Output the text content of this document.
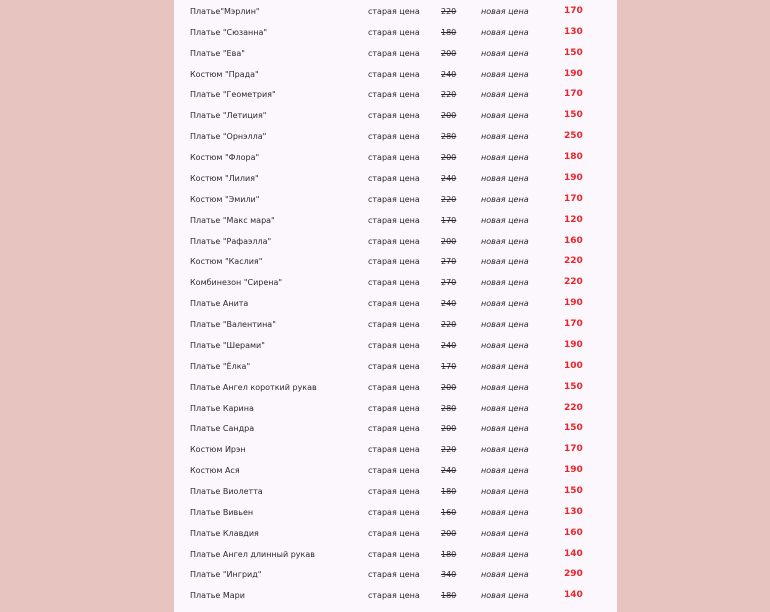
Платье"Мэрлин"	старая цена	220	новая цена	170
Платье "Сюзанна"	старая цена	180	новая цена	130
Платье "Ева"	старая цена	200	новая цена	150
Костюм "Прада"	старая цена	240	новая цена	190
Платье "Геометрия"	старая цена	220	новая цена	170
Платье "Летиция"	старая цена	200	новая цена	150
Платье "Орнэлла"	старая цена	280	новая цена	250
Костюм "Флора"	старая цена	200	новая цена	180
Костюм "Лилия"	старая цена	240	новая цена	190
Костюм "Эмили"	старая цена	220	новая цена	170
Платье "Макс мара"	старая цена	170	новая цена	120
Платье "Рафаэлла"	старая цена	200	новая цена	160
Костюм "Каслия"	старая цена	270	новая цена	220
Комбинезон "Сирена"	старая цена	270	новая цена	220
Платье Анита	старая цена	240	новая цена	190
Платье "Валентина"	старая цена	220	новая цена	170
Платье "Шерами"	старая цена	240	новая цена	190
Платье "Ёлка"	старая цена	170	новая цена	100
Платье Ангел короткий рукав	старая цена	200	новая цена	150
Платье Карина	старая цена	280	новая цена	220
Платье Сандра	старая цена	200	новая цена	150
Костюм Ирэн	старая цена	220	новая цена	170
Костюм Ася	старая цена	240	новая цена	190
Платье Виолетта	старая цена	180	новая цена	150
Платье Вивьен	старая цена	160	новая цена	130
Платье Клавдия	старая цена	200	новая цена	160
Платье Ангел длинный рукав	старая цена	180	новая цена	140
Платье "Ингрид"	старая цена	340	новая цена	290
Платье Мари	старая цена	180	новая цена	140
